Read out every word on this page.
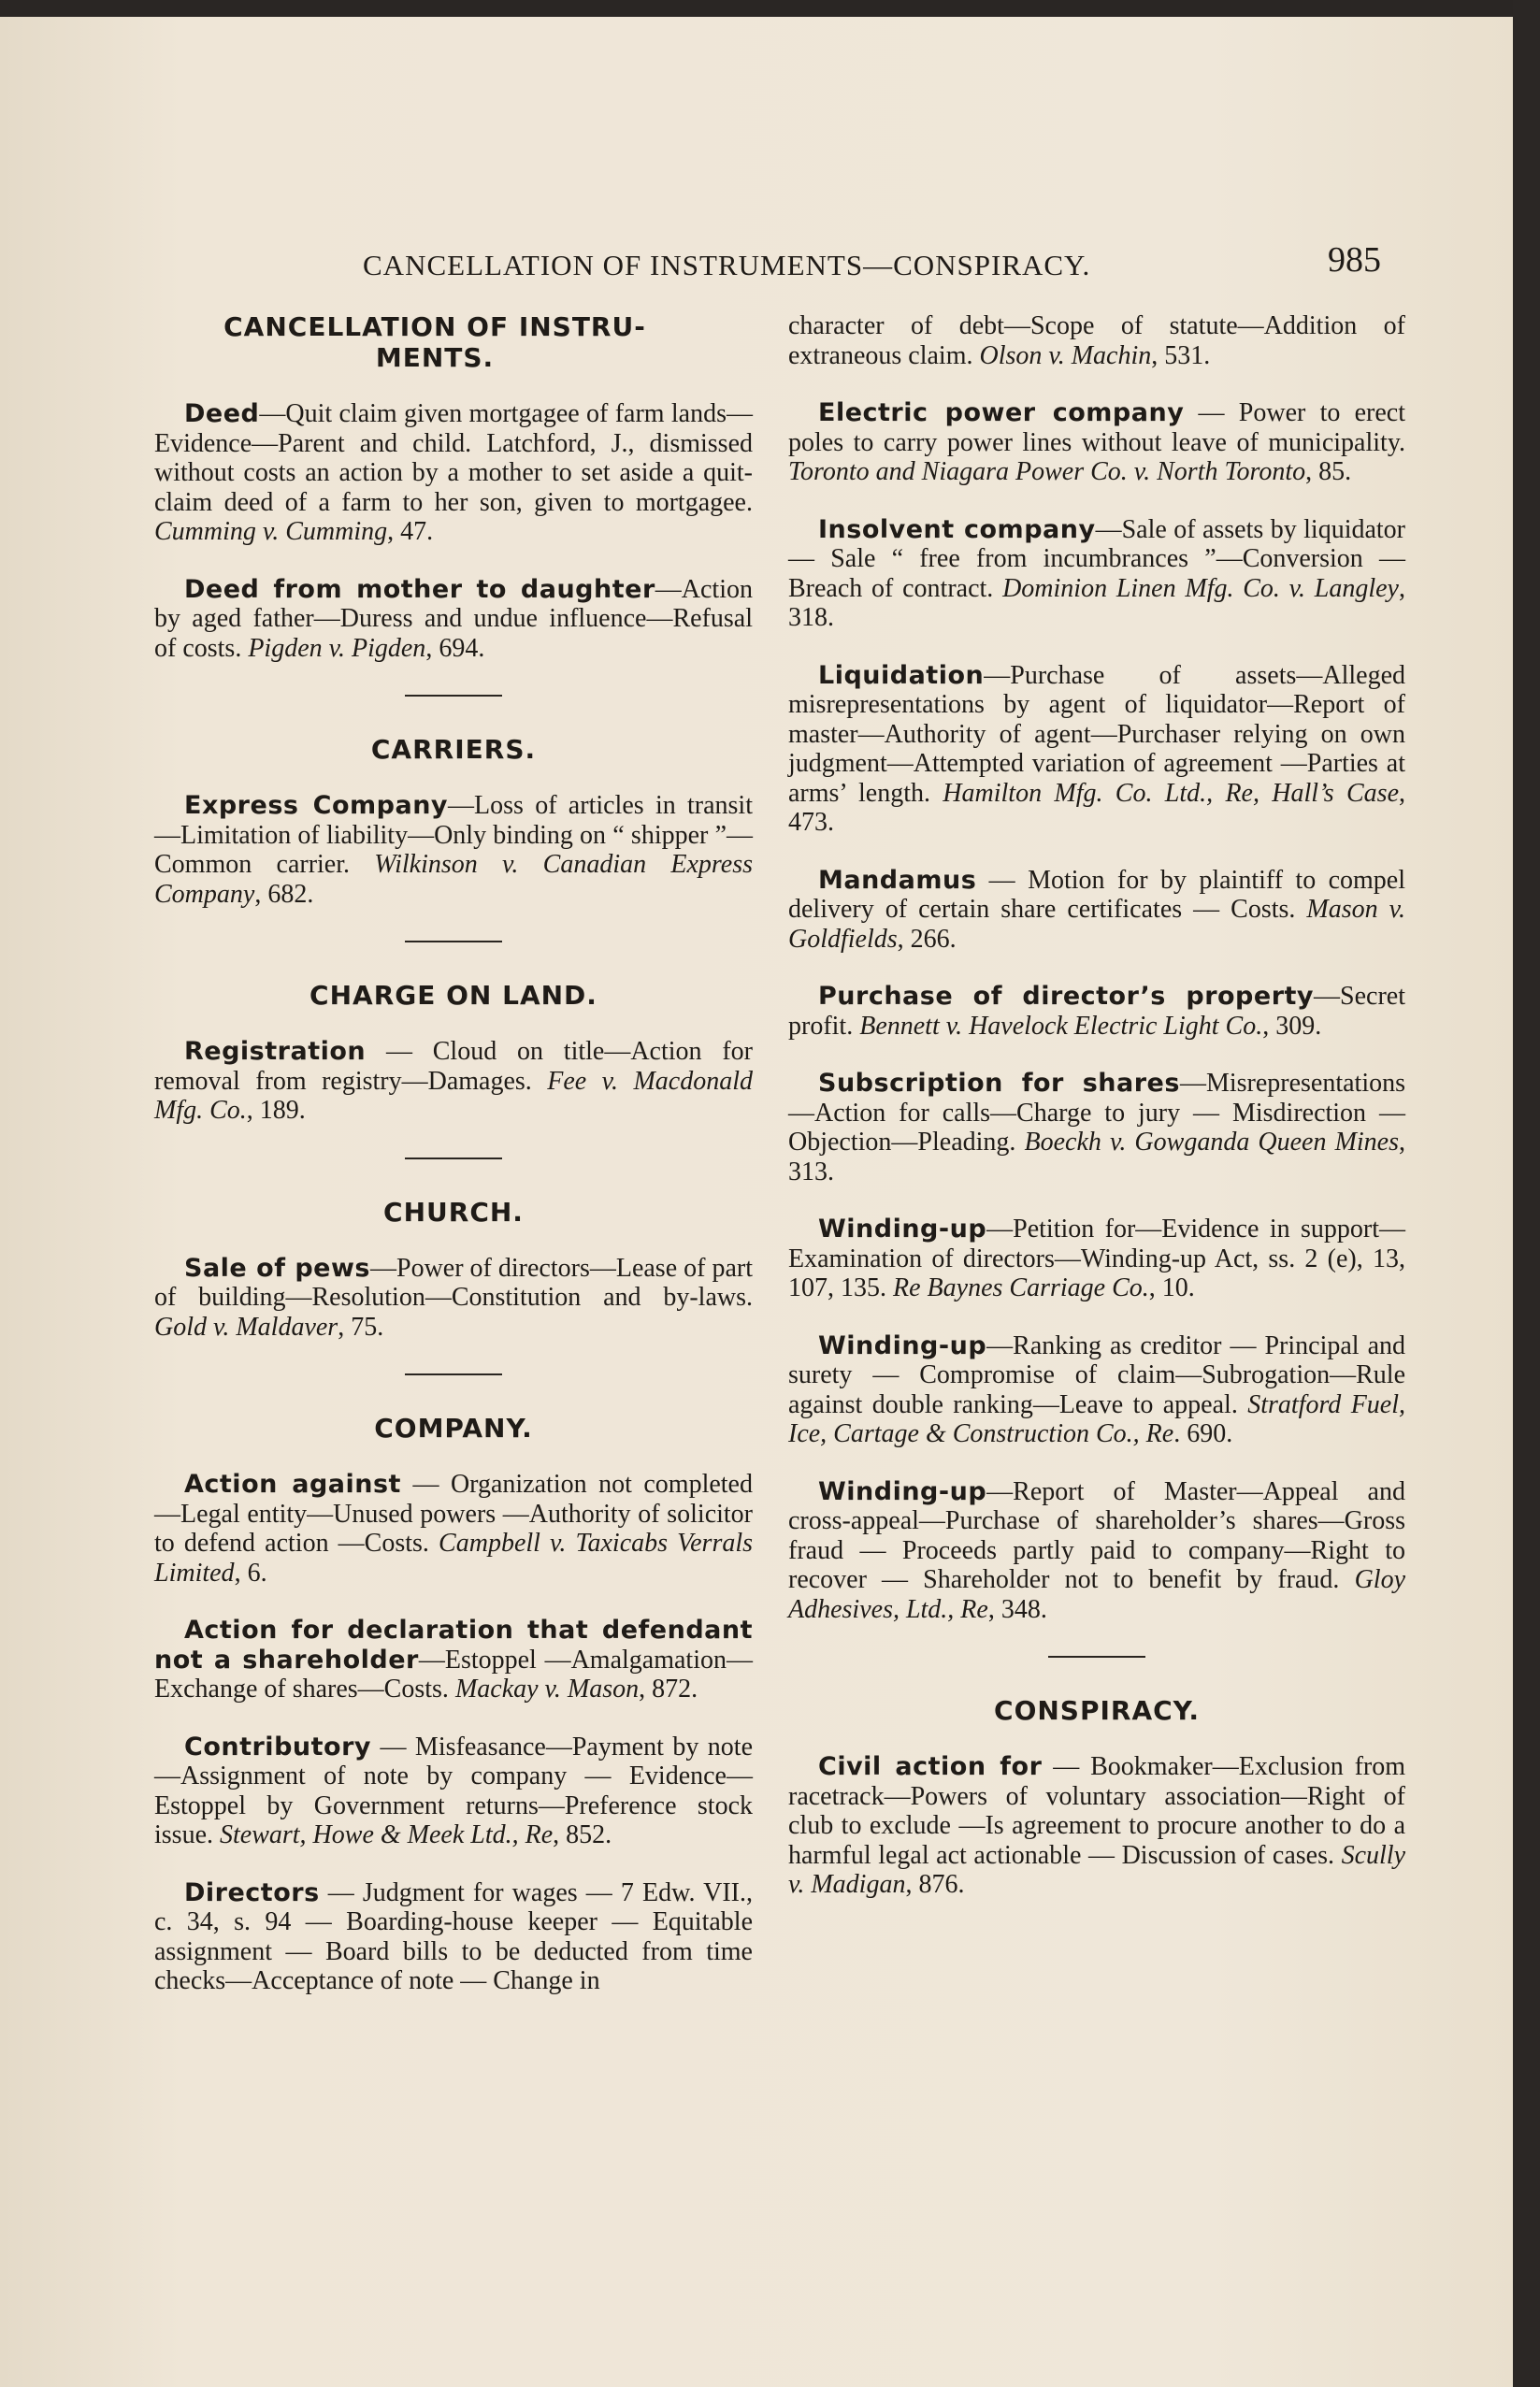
CANCELLATION OF INSTRUMENTS—CONSPIRACY.	985
CANCELLATION OF INSTRU-MENTS.

Deed—Quit claim given mortgagee of farm lands—Evidence—Parent and child. Latchford, J., dismissed without costs an action by a mother to set aside a quit-claim deed of a farm to her son, given to mortgagee. Cumming v. Cumming, 47.

Deed from mother to daughter—Action by aged father—Duress and undue influence—Refusal of costs. Pigden v. Pigden, 694.

CARRIERS.

Express Company—Loss of articles in transit—Limitation of liability—Only binding on “ shipper ”—Common carrier. Wilkinson v. Canadian Express Company, 682.

CHARGE ON LAND.

Registration — Cloud on title—Action for removal from registry—Damages. Fee v. Macdonald Mfg. Co., 189.

CHURCH.

Sale of pews—Power of directors—Lease of part of building—Resolution—Constitution and by-laws. Gold v. Maldaver, 75.

COMPANY.

Action against — Organization not completed—Legal entity—Unused powers —Authority of solicitor to defend action —Costs. Campbell v. Taxicabs Verrals Limited, 6.

Action for declaration that defendant not a shareholder—Estoppel —Amalgamation—Exchange of shares—Costs. Mackay v. Mason, 872.

Contributory — Misfeasance—Payment by note—Assignment of note by company — Evidence—Estoppel by Government returns—Preference stock issue. Stewart, Howe & Meek Ltd., Re, 852.

Directors — Judgment for wages — 7 Edw. VII., c. 34, s. 94 — Boarding-house keeper — Equitable assignment — Board bills to be deducted from time checks—Acceptance of note — Change in

character of debt—Scope of statute—Addition of extraneous claim. Olson v. Machin, 531.

Electric power company — Power to erect poles to carry power lines without leave of municipality. Toronto and Niagara Power Co. v. North Toronto, 85.

Insolvent company—Sale of assets by liquidator — Sale “ free from incumbrances ”—Conversion — Breach of contract. Dominion Linen Mfg. Co. v. Langley, 318.

Liquidation—Purchase of assets—Alleged misrepresentations by agent of liquidator—Report of master—Authority of agent—Purchaser relying on own judgment—Attempted variation of agreement —Parties at arms’ length. Hamilton Mfg. Co. Ltd., Re, Hall’s Case, 473.

Mandamus — Motion for by plaintiff to compel delivery of certain share certificates — Costs. Mason v. Goldfields, 266.

Purchase of director’s property—Secret profit. Bennett v. Havelock Electric Light Co., 309.

Subscription for shares—Misrepresentations—Action for calls—Charge to jury — Misdirection — Objection—Pleading. Boeckh v. Gowganda Queen Mines, 313.

Winding-up—Petition for—Evidence in support—Examination of directors—Winding-up Act, ss. 2 (e), 13, 107, 135. Re Baynes Carriage Co., 10.

Winding-up—Ranking as creditor — Principal and surety — Compromise of claim—Subrogation—Rule against double ranking—Leave to appeal. Stratford Fuel, Ice, Cartage & Construction Co., Re. 690.

Winding-up—Report of Master—Appeal and cross-appeal—Purchase of shareholder’s shares—Gross fraud — Proceeds partly paid to company—Right to recover — Shareholder not to benefit by fraud. Gloy Adhesives, Ltd., Re, 348.

CONSPIRACY.

Civil action for — Bookmaker—Exclusion from racetrack—Powers of voluntary association—Right of club to exclude —Is agreement to procure another to do a harmful legal act actionable — Discussion of cases. Scully v. Madigan, 876.
